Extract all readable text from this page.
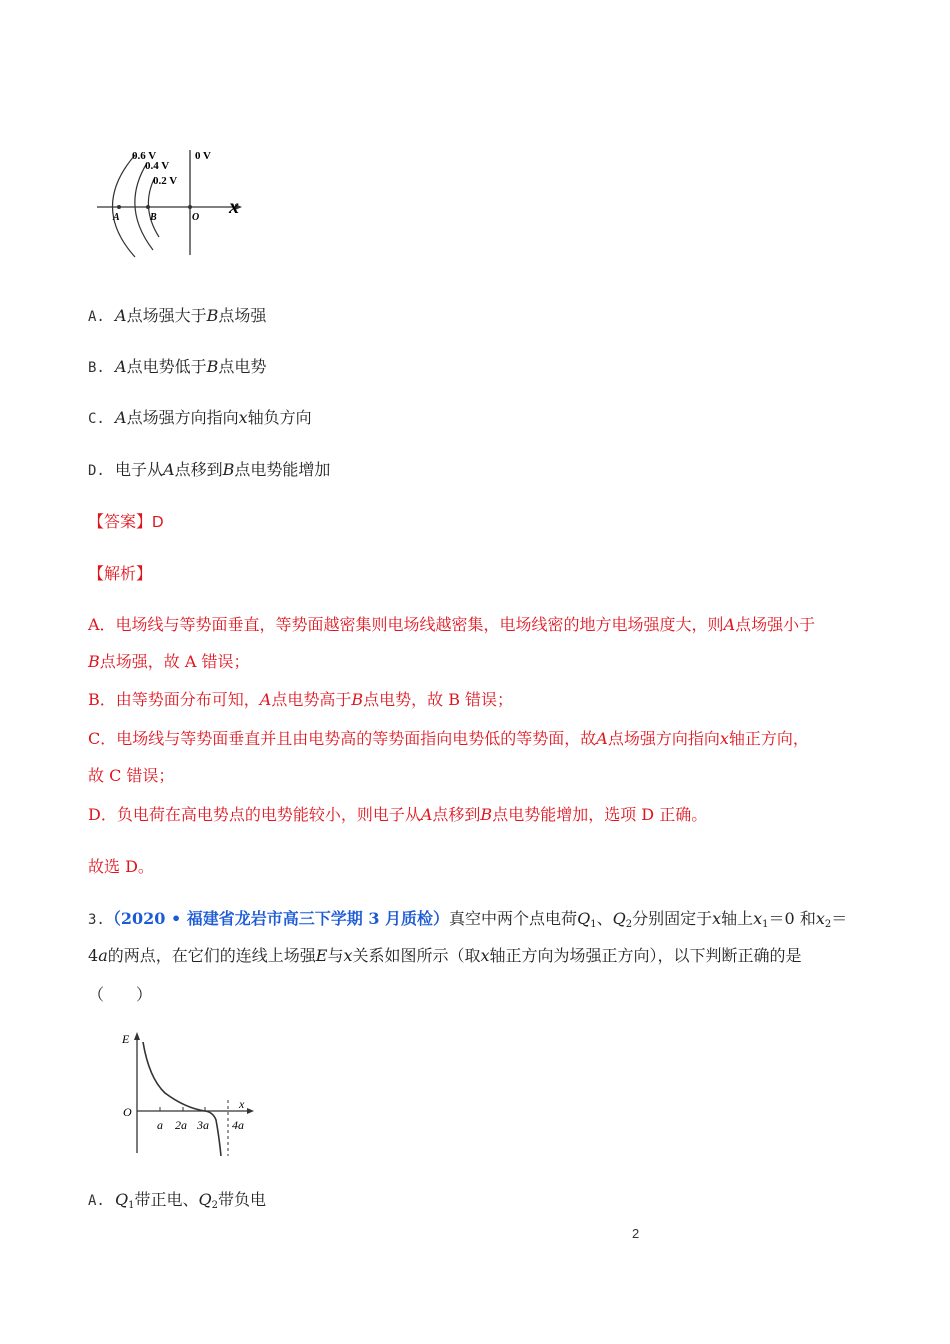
0.6 V
0.4 V
0.2 V
0 V
A	B	O x
A. A点场强大于B点场强
B. A点电势低于B点电势
C. A点场强方向指向x轴负方向
D. 电子从A点移到B点电势能增加
【答案】D
【解析】
A．电场线与等势面垂直，等势面越密集则电场线越密集，电场线密的地方电场强度大，则A点场强小于
B点场强，故 A 错误；
B．由等势面分布可知，A点电势高于B点电势，故 B 错误；
C．电场线与等势面垂直并且由电势高的等势面指向电势低的等势面，故A点场强方向指向x轴正方向，
故 C 错误；
D．负电荷在高电势点的电势能较小，则电子从A点移到B点电势能增加，选项 D 正确。
故选 D。
3.（2020 • 福建省龙岩市高三下学期 3 月质检）真空中两个点电荷$Q_1$、$Q_2$分别固定于x轴上$x_1=0$ 和$x_2=$
4a的两点，在它们的连线上场强E与x关系如图所示（取x轴正方向为场强正方向），以下判断正确的是
（　　）
E
x
O
a 2a 3a 4a
A. $Q_1$带正电、$Q_2$带负电
2
